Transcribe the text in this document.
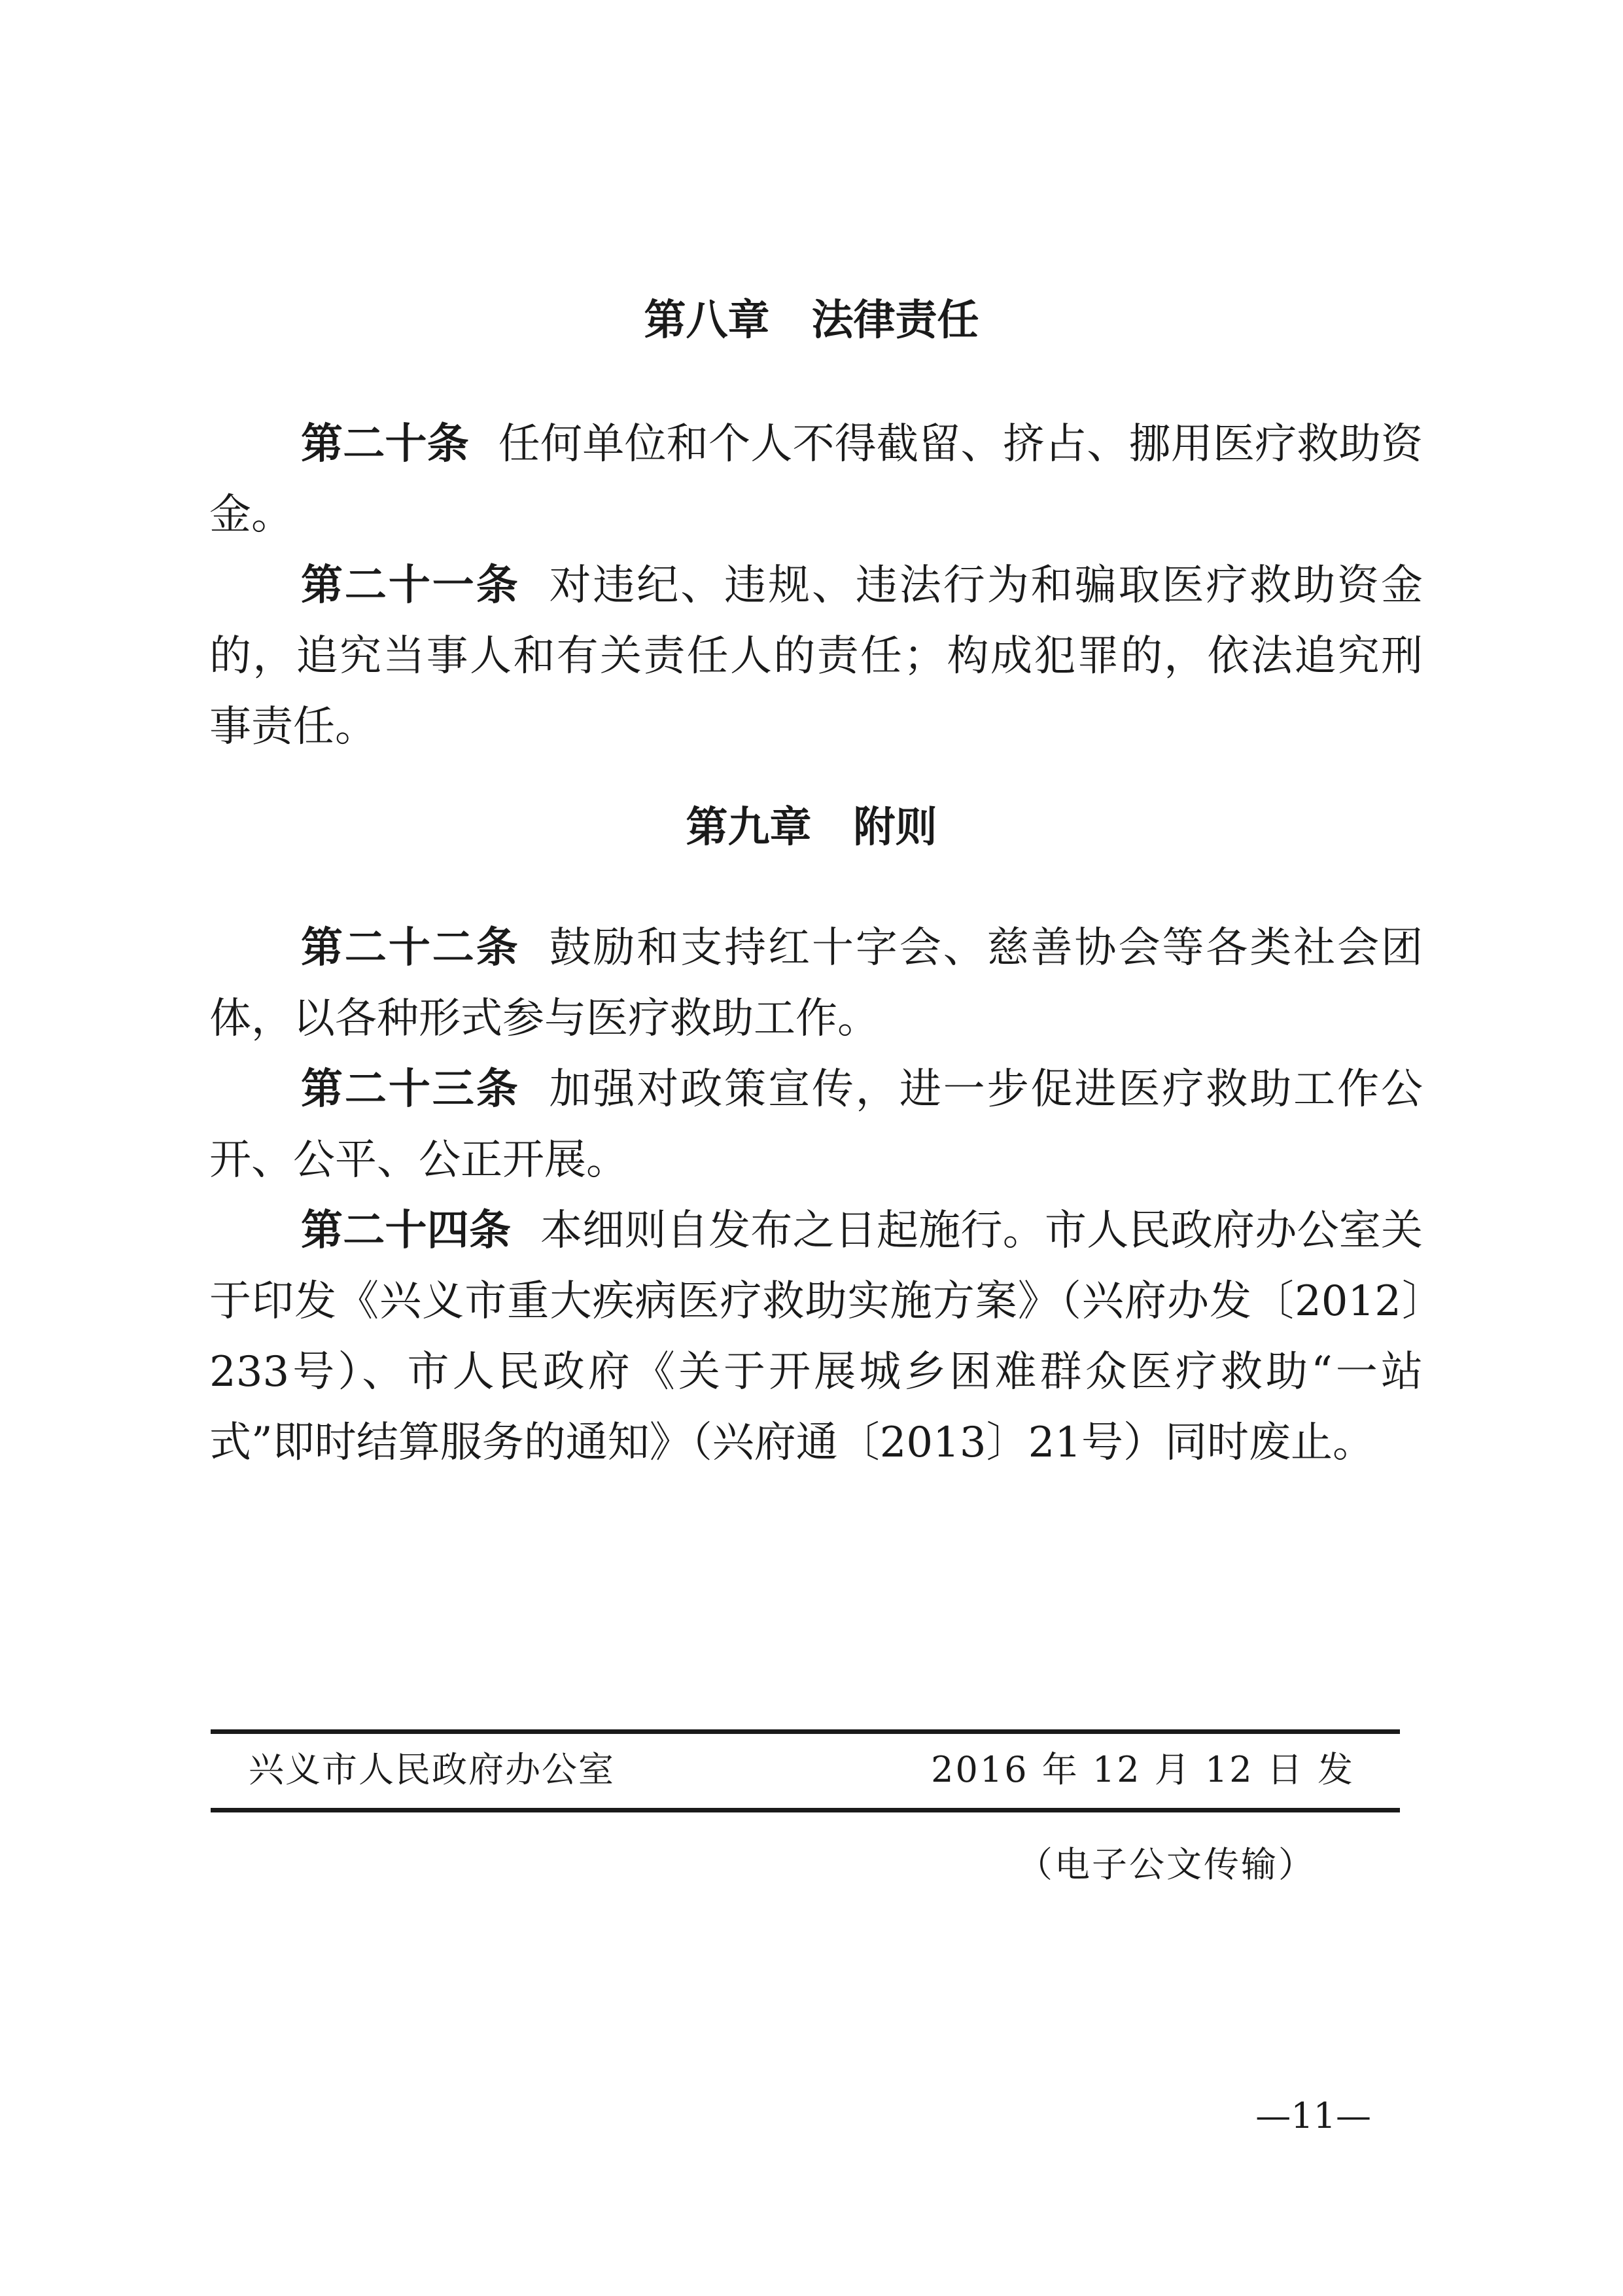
第八章　法律责任

第二十条 任何单位和个人不得截留、挤占、挪用医疗救助资金。

第二十一条 对违纪、违规、违法行为和骗取医疗救助资金的，追究当事人和有关责任人的责任；构成犯罪的，依法追究刑事责任。

第九章　附则

第二十二条 鼓励和支持红十字会、慈善协会等各类社会团体，以各种形式参与医疗救助工作。

第二十三条 加强对政策宣传，进一步促进医疗救助工作公开、公平、公正开展。

第二十四条 本细则自发布之日起施行。市人民政府办公室关于印发《兴义市重大疾病医疗救助实施方案》（兴府办发〔2012〕233号）、市人民政府《关于开展城乡困难群众医疗救助“一站式”即时结算服务的通知》（兴府通〔2013〕21号）同时废止。

兴义市人民政府办公室	2016 年 12 月 12 日 发
（电子公文传输）
—11—
